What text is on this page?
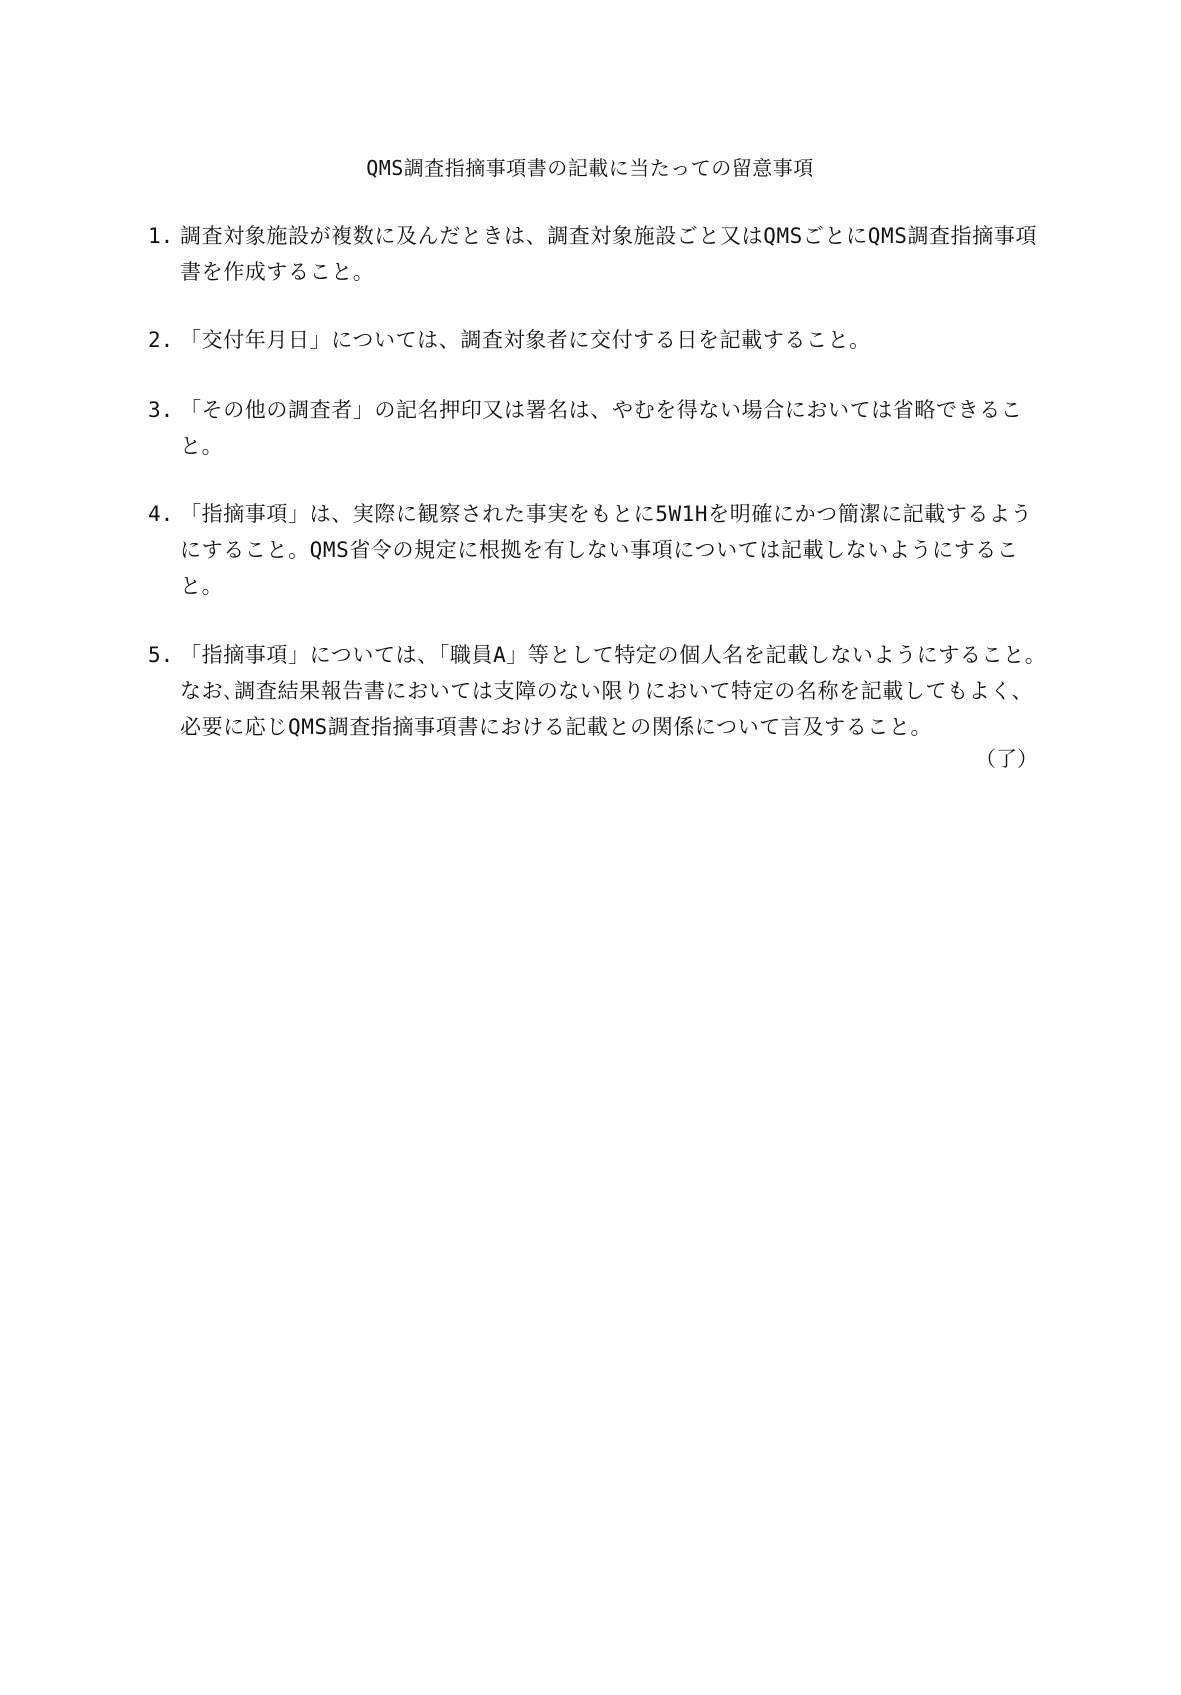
QMS調査指摘事項書の記載に当たっての留意事項
1. 調査対象施設が複数に及んだときは、調査対象施設ごと又はQMSごとにQMS調査指摘事項
書を作成すること。
2. 「交付年月日」については、調査対象者に交付する日を記載すること。
3. 「その他の調査者」の記名押印又は署名は、やむを得ない場合においては省略できるこ
と。
4. 「指摘事項」は、実際に観察された事実をもとに5W1Hを明確にかつ簡潔に記載するよう
にすること。QMS省令の規定に根拠を有しない事項については記載しないようにするこ
と。
5. 「指摘事項」については、「職員A」等として特定の個人名を記載しないようにすること。
なお､調査結果報告書においては支障のない限りにおいて特定の名称を記載してもよく、
必要に応じQMS調査指摘事項書における記載との関係について言及すること。
（了）
